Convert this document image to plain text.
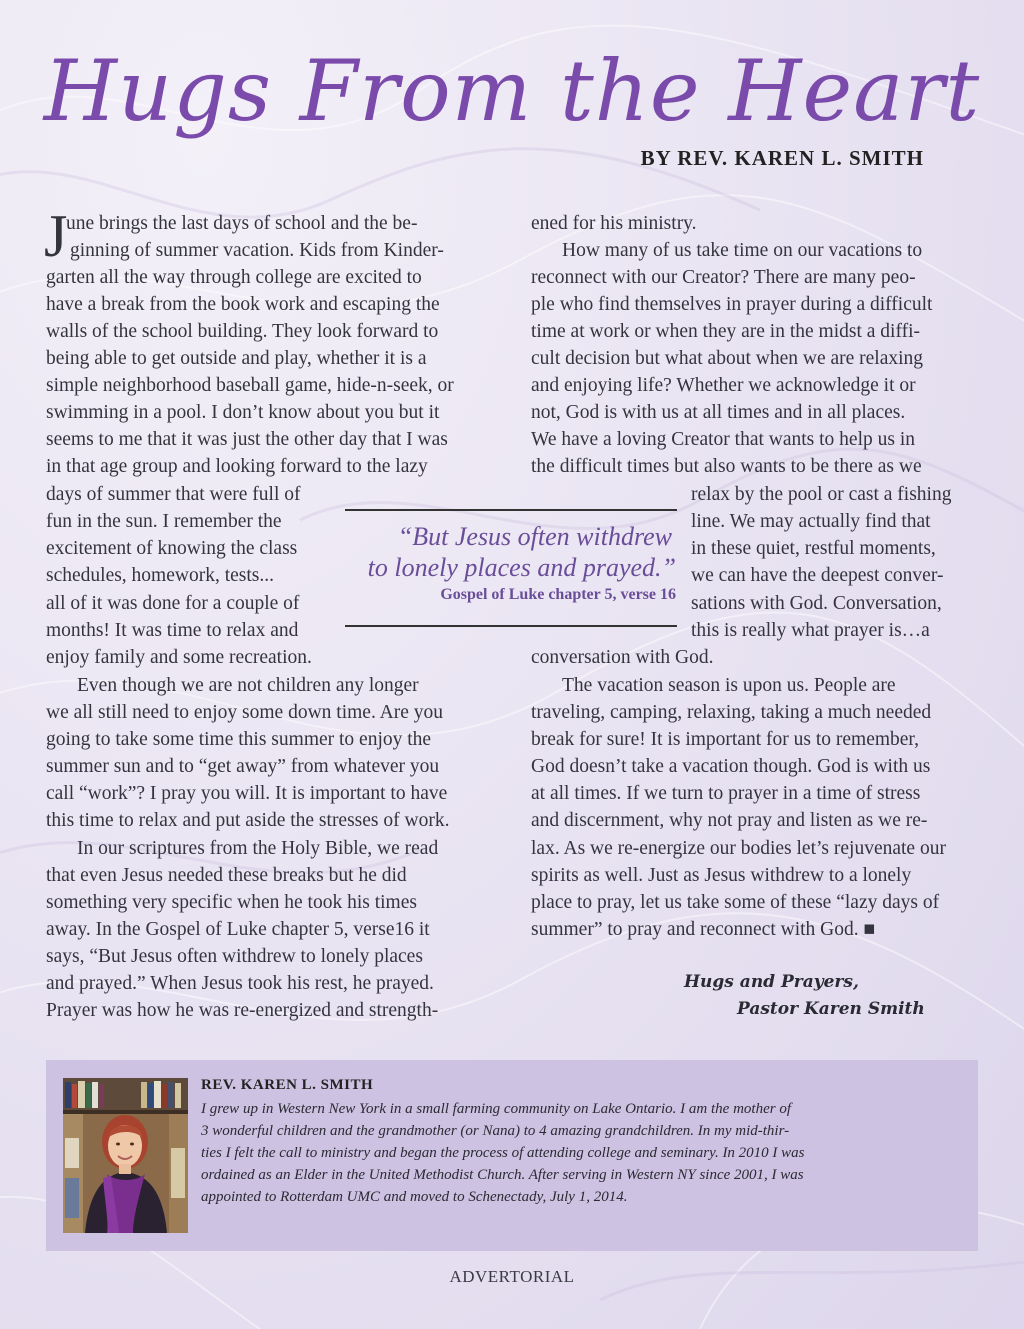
Hugs From the Heart
BY REV. KAREN L. SMITH
J

une brings the last days of school and the be-

ginning of summer vacation. Kids from Kinder-

garten all the way through college are excited to

have a break from the book work and escaping the

walls of the school building. They look forward to

being able to get outside and play, whether it is a

simple neighborhood baseball game, hide-n-seek, or

swimming in a pool. I don’t know about you but it

seems to me that it was just the other day that I was

in that age group and looking forward to the lazy

days of summer that were full of

fun in the sun. I remember the

excitement of knowing the class

schedules, homework, tests...

all of it was done for a couple of

months! It was time to relax and

enjoy family and some recreation.

Even though we are not children any longer

we all still need to enjoy some down time. Are you

going to take some time this summer to enjoy the

summer sun and to “get away” from whatever you

call “work”? I pray you will. It is important to have

this time to relax and put aside the stresses of work.

In our scriptures from the Holy Bible, we read

that even Jesus needed these breaks but he did

something very specific when he took his times

away. In the Gospel of Luke chapter 5, verse16 it

says, “But Jesus often withdrew to lonely places

and prayed.” When Jesus took his rest, he prayed.

Prayer was how he was re-energized and strength-

ened for his ministry.

How many of us take time on our vacations to

reconnect with our Creator? There are many peo-

ple who find themselves in prayer during a difficult

time at work or when they are in the midst a diffi-

cult decision but what about when we are relaxing

and enjoying life? Whether we acknowledge it or

not, God is with us at all times and in all places.

We have a loving Creator that wants to help us in

the difficult times but also wants to be there as we

relax by the pool or cast a fishing

line. We may actually find that

in these quiet, restful moments,

we can have the deepest conver-

sations with God. Conversation,

this is really what prayer is…a

conversation with God.

The vacation season is upon us. People are

traveling, camping, relaxing, taking a much needed

break for sure! It is important for us to remember,

God doesn’t take a vacation though. God is with us

at all times. If we turn to prayer in a time of stress

and discernment, why not pray and listen as we re-

lax. As we re-energize our bodies let’s rejuvenate our

spirits as well. Just as Jesus withdrew to a lonely

place to pray, let us take some of these “lazy days of

summer” to pray and reconnect with God. ■

“But Jesus often withdrew
to lonely places and prayed.”
Gospel of Luke chapter 5, verse 16
Hugs and Prayers,
Pastor Karen Smith
REV. KAREN L. SMITH

I grew up in Western New York in a small farming community on Lake Ontario. I am the mother of

3 wonderful children and the grandmother (or Nana) to 4 amazing grandchildren. In my mid-thir-

ties I felt the call to ministry and began the process of attending college and seminary. In 2010 I was

ordained as an Elder in the United Methodist Church. After serving in Western NY since 2001, I was

appointed to Rotterdam UMC and moved to Schenectady, July 1, 2014.

ADVERTORIAL
